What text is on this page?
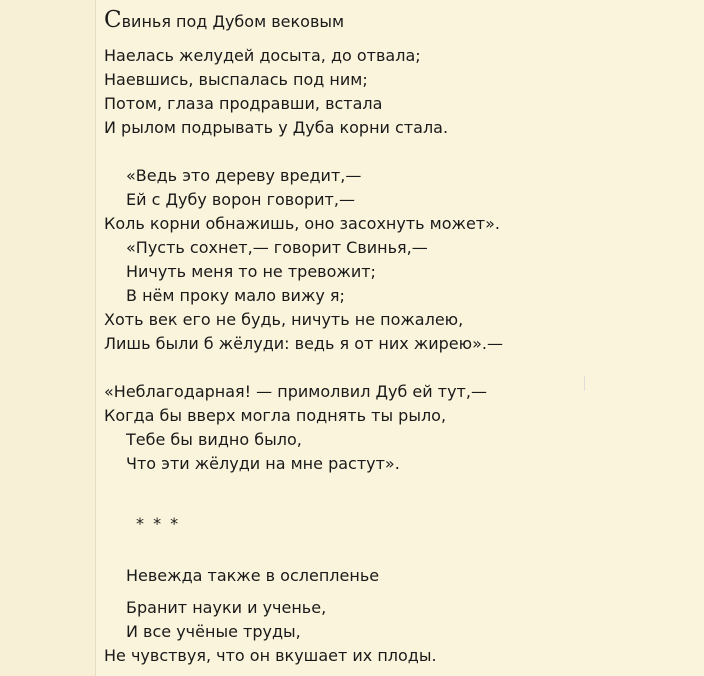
Свинья под Дубом вековым
Наелась желудей досыта, до отвала;
Наевшись, выспалась под ним;
Потом, глаза продравши, встала
И рылом подрывать у Дуба корни стала.
«Ведь это дереву вредит,—
Ей с Дубу ворон говорит,—
Коль корни обнажишь, оно засохнуть может».
«Пусть сохнет,— говорит Свинья,—
Ничуть меня то не тревожит;
В нём проку мало вижу я;
Хоть век его не будь, ничуть не пожалею,
Лишь были б жёлуди: ведь я от них жирею».—
«Неблагодарная! — примолвил Дуб ей тут,—
Когда бы вверх могла поднять ты рыло,
Тебе бы видно было,
Что эти жёлуди на мне растут».
* * *
Невежда также в ослепленье
Бранит науки и ученье,
И все учёные труды,
Не чувствуя, что он вкушает их плоды.
︳
